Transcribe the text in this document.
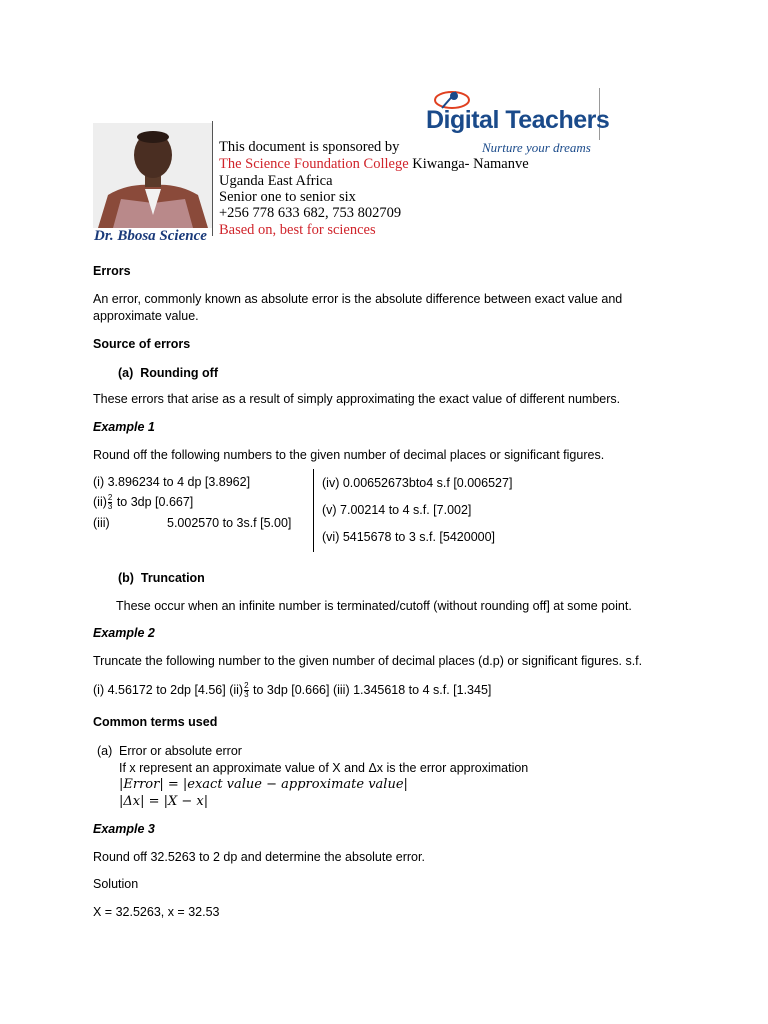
Dr. Bbosa Science
Digital Teachers
Nurture your dreams
This document is sponsored by
The Science Foundation College Kiwanga- Namanve
Uganda East Africa
Senior one to senior six
+256 778 633 682, 753 802709
Based on, best for sciences
Errors
An error, commonly known as absolute error is the absolute difference between exact value and
approximate value.
Source of errors
(a) Rounding off
These errors that arise as a result of simply approximating the exact value of different numbers.
Example 1
Round off the following numbers to the given number of decimal places or significant figures.
(i) 3.896234 to 4 dp [3.8962]
$(ii) \frac{2}{3}$ to 3dp [0.667]
(iii)	5.002570 to 3s.f [5.00]
(iv) 0.00652673bto4 s.f [0.006527]
(v) 7.00214 to 4 s.f. [7.002]
(vi) 5415678 to 3 s.f. [5420000]
(b) Truncation
These occur when an infinite number is terminated/cutoff (without rounding off] at some point.
Example 2
Truncate the following number to the given number of decimal places (d.p) or significant figures. s.f.
(i) 4.56172 to 2dp [4.56] $(ii) \frac{2}{3}$ to 3dp [0.666] (iii) 1.345618 to 4 s.f. [1.345]
Common terms used
(a) Error or absolute error
If x represent an approximate value of X and Δx is the error approximation
|Error| = |exact value − approximate value|
|Δx| = |X − x|
Example 3
Round off 32.5263 to 2 dp and determine the absolute error.
Solution
X = 32.5263, x = 32.53
